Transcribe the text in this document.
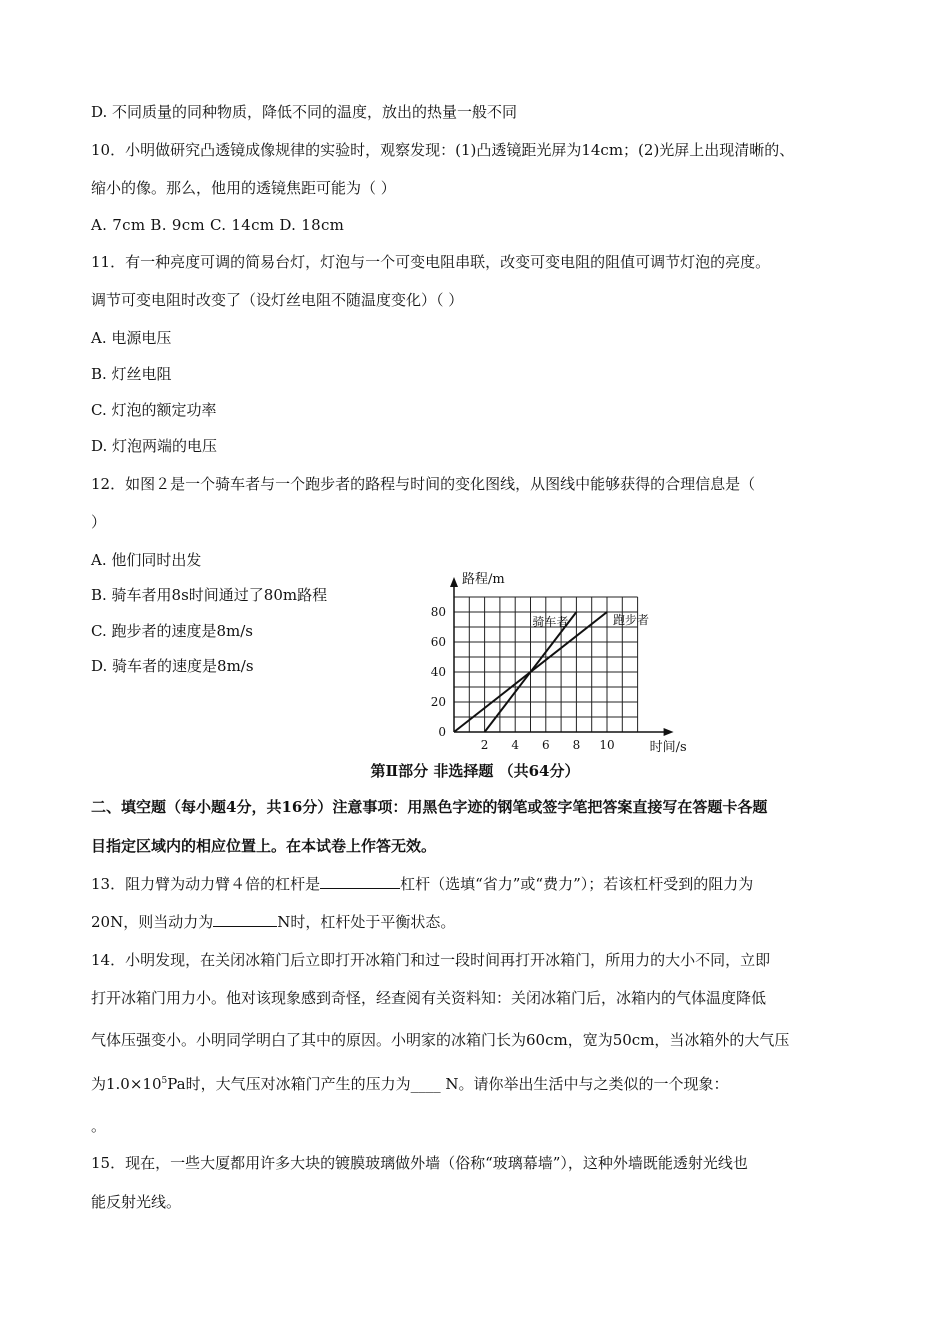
D. 不同质量的同种物质，降低不同的温度，放出的热量一般不同
10．小明做研究凸透镜成像规律的实验时，观察发现：(1)凸透镜距光屏为14cm；(2)光屏上出现清晰的、
缩小的像。那么，他用的透镜焦距可能为（ ）
A. 7cm B. 9cm C. 14cm D. 18cm
11．有一种亮度可调的简易台灯，灯泡与一个可变电阻串联，改变可变电阻的阻值可调节灯泡的亮度。
调节可变电阻时改变了（设灯丝电阻不随温度变化）（ ）
A. 电源电压
B. 灯丝电阻
C. 灯泡的额定功率
D. 灯泡两端的电压
12．如图２是一个骑车者与一个跑步者的路程与时间的变化图线，从图线中能够获得的合理信息是（
）
A. 他们同时出发
B. 骑车者用8s时间通过了80m路程
C. 跑步者的速度是8m/s
D. 骑车者的速度是8m/s
0
20
40
60
80
2 4 6 8 10
路程/m
时间/s
骑车者	跑步者
第Ⅱ部分 非选择题 （共64分）
二、填空题（每小题4分，共16分）注意事项：用黑色字迹的钢笔或签字笔把答案直接写在答题卡各题
目指定区域内的相应位置上。在本试卷上作答无效。
13．阻力臂为动力臂４倍的杠杆是	杠杆（选填“省力”或“费力”）；若该杠杆受到的阻力为
20N，则当动力为	N时，杠杆处于平衡状态。
14．小明发现，在关闭冰箱门后立即打开冰箱门和过一段时间再打开冰箱门，所用力的大小不同，立即
打开冰箱门用力小。他对该现象感到奇怪，经查阅有关资料知：关闭冰箱门后，冰箱内的气体温度降低
气体压强变小。小明同学明白了其中的原因。小明家的冰箱门长为60cm，宽为50cm，当冰箱外的大气压
为$1.0\times 10^5Pa$时，大气压对冰箱门产生的压力为____ N。请你举出生活中与之类似的一个现象：
。
15．现在，一些大厦都用许多大块的镀膜玻璃做外墙（俗称“玻璃幕墙”），这种外墙既能透射光线也
能反射光线。
